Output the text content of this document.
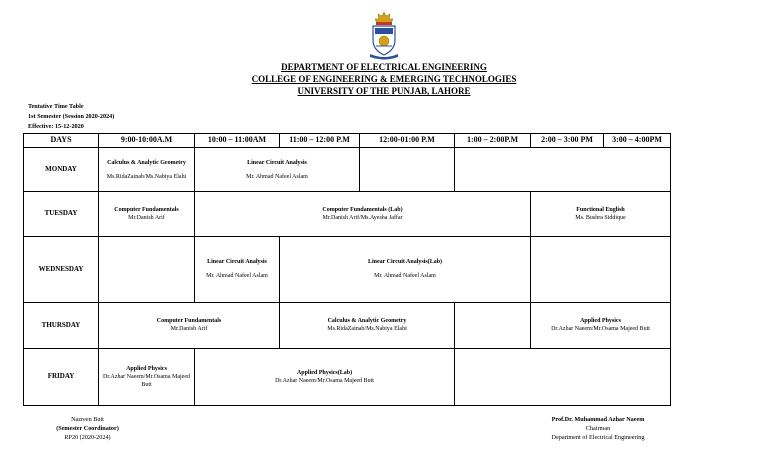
DEPARTMENT OF ELECTRICAL ENGINEERING
COLLEGE OF ENGINEERING & EMERGING TECHNOLOGIES
UNIVERSITY OF THE PUNJAB, LAHORE
Tentative Time Table
1st Semester (Session 2020-2024)
Effective: 15-12-2020
DAYS	9:00-10:00A.M	10:00 – 11:00AM	11:00 – 12:00 P.M	12:00-01:00 P.M	1:00 – 2:00P.M	2:00 – 3:00 PM	3:00 – 4:00PM
MONDAY	Calculus & Analytic Geometry
Ms.RidaZainab/Ms.Nabiya Elahi	Linear Circuit Analysis
Mr. Ahmad Nafeel Aslam					

TUESDAY	Computer Fundamentals
Mr.Danish Arif	Computer Fundamentals (Lab)
Mr.Danish Arif/Ms.Ayesha Jaffar				Functional English
Ms. Bushra Siddique	

WEDNESDAY		Linear Circuit Analysis
Mr. Ahmad Nafeel Aslam	Linear Circuit Analysis(Lab)
Mr. Ahmad Nafeel Aslam				

THURSDAY	Computer Fundamentals
Mr.Danish Arif		Calculus & Analytic Geometry
Ms.RidaZainab/Ms.Nabiya Elahi			Applied Physics
Dr.Azhar Naeem/Mr.Osama Majeed Butt	

FRIDAY	Applied Physics
Dr.Azhar Naeem/Mr.Osama Majeed Butt	Applied Physics(Lab)
Dr.Azhar Naeem/Mr.Osama Majeed Butt					

Nazreen Butt
(Semester Coordinator)
RP20 (2020-2024)
Prof.Dr. Muhammad Azhar Naeem
Chairman
Department of Electrical Engineering
